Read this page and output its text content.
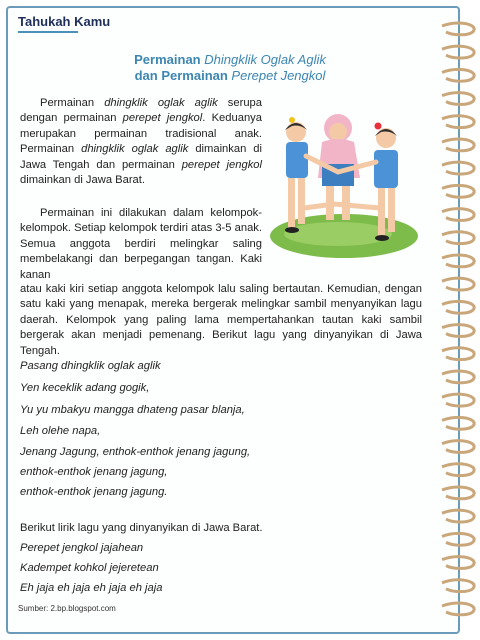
Tahukah Kamu
Permainan Dhingklik Oglak Aglik
dan Permainan Perepet Jengkol
Permainan dhingklik oglak aglik serupa dengan permainan perepet jengkol. Keduanya merupakan permainan tradisional anak. Permainan dhingklik oglak aglik dimainkan di Jawa Tengah dan permainan perepet jengkol dimainkan di Jawa Barat.
Permainan ini dilakukan dalam kelompok-kelompok. Setiap kelompok terdiri atas 3-5 anak. Semua anggota berdiri melingkar saling membelakangi dan berpegangan tangan. Kaki kanan
atau kaki kiri setiap anggota kelompok lalu saling bertautan. Kemudian, dengan satu kaki yang menapak, mereka bergerak melingkar sambil menyanyikan lagu daerah. Kelompok yang paling lama mempertahankan tautan kaki sambil bergerak akan menjadi pemenang. Berikut lagu yang dinyanyikan di Jawa Tengah.
Pasang dhingklik oglak aglik
Yen keceklik adang gogik,
Yu yu mbakyu mangga dhateng pasar blanja,
Leh olehe napa,
Jenang Jagung, enthok-enthok jenang jagung,
enthok-enthok jenang jagung,
enthok-enthok jenang jagung.
Berikut lirik lagu yang dinyanyikan di Jawa Barat.
Perepet jengkol jajahean
Kadempet kohkol jejeretean
Eh jaja eh jaja eh jaja eh jaja
Sumber: 2.bp.blogspot.com
